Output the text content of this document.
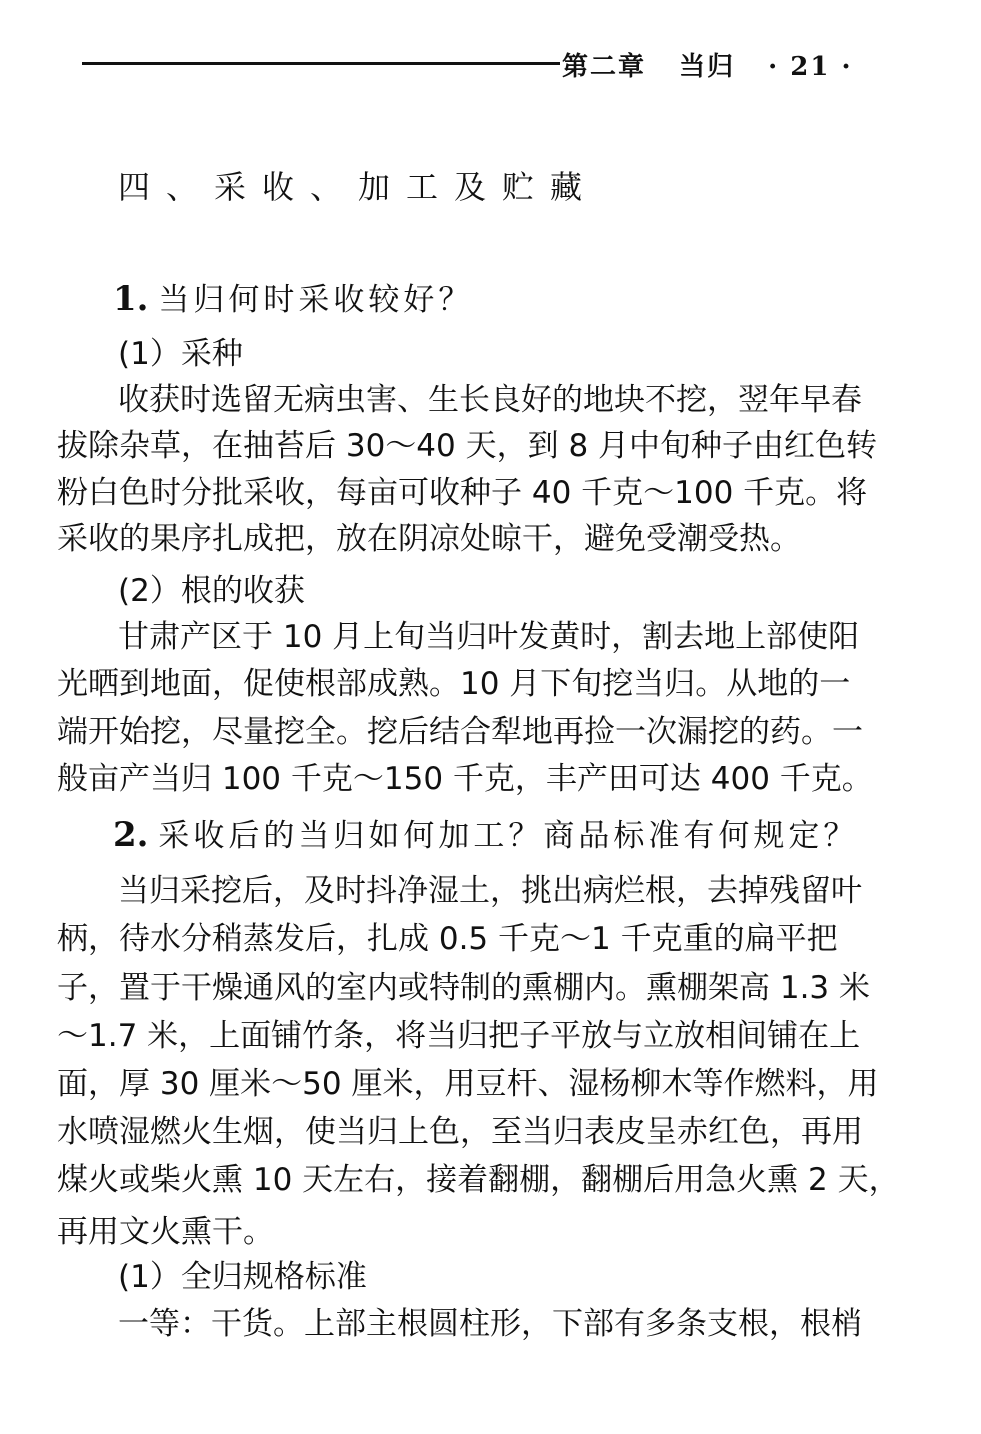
第二章 当归 · 21 ·
四、采收、加工及贮藏
1. 当归何时采收较好？
(1）采种
收获时选留无病虫害、生长良好的地块不挖，翌年早春
拔除杂草，在抽苔后 30～40 天，到 8 月中旬种子由红色转
粉白色时分批采收，每亩可收种子 40 千克～100 千克。将
采收的果序扎成把，放在阴凉处晾干，避免受潮受热。
(2）根的收获
甘肃产区于 10 月上旬当归叶发黄时，割去地上部使阳
光晒到地面，促使根部成熟。10 月下旬挖当归。从地的一
端开始挖，尽量挖全。挖后结合犁地再捡一次漏挖的药。一
般亩产当归 100 千克～150 千克，丰产田可达 400 千克。
2. 采收后的当归如何加工？商品标准有何规定？
当归采挖后，及时抖净湿土，挑出病烂根，去掉残留叶
柄，待水分稍蒸发后，扎成 0.5 千克～1 千克重的扁平把
子，置于干燥通风的室内或特制的熏棚内。熏棚架高 1.3 米
～1.7 米，上面铺竹条，将当归把子平放与立放相间铺在上
面，厚 30 厘米～50 厘米，用豆杆、湿杨柳木等作燃料，用
水喷湿燃火生烟，使当归上色，至当归表皮呈赤红色，再用
煤火或柴火熏 10 天左右，接着翻棚，翻棚后用急火熏 2 天，
再用文火熏干。
(1）全归规格标准
一等：干货。上部主根圆柱形，下部有多条支根，根梢
